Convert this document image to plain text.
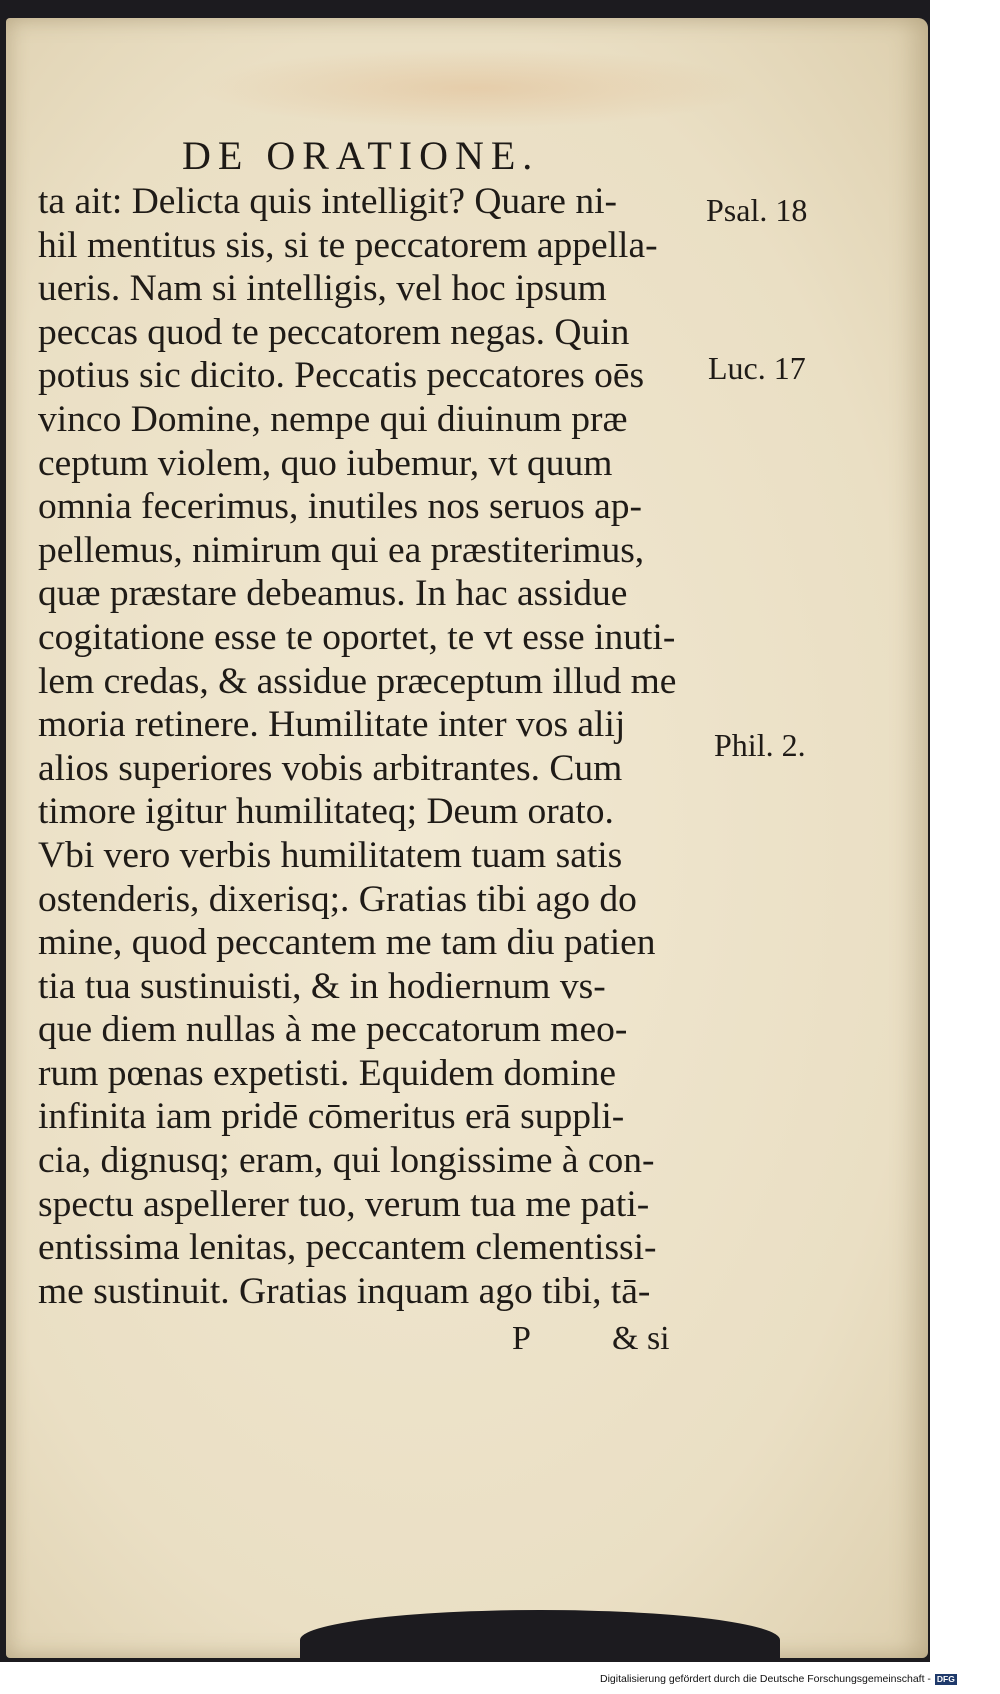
DE ORATIONE.
ta ait: Delicta quis intelligit? Quare ni-
hil mentitus sis, si te peccatorem appella-
ueris. Nam si intelligis, vel hoc ipsum
peccas quod te peccatorem negas. Quin
potius sic dicito. Peccatis peccatores oēs
vinco Domine, nempe qui diuinum præ
ceptum violem, quo iubemur, vt quum
omnia fecerimus, inutiles nos seruos ap-
pellemus, nimirum qui ea præstiterimus,
quæ præstare debeamus. In hac assidue
cogitatione esse te oportet, te vt esse inuti-
lem credas, & assidue præceptum illud me
moria retinere. Humilitate inter vos alij
alios superiores vobis arbitrantes. Cum
timore igitur humilitateq; Deum orato.
Vbi vero verbis humilitatem tuam satis
ostenderis, dixerisq;. Gratias tibi ago do
mine, quod peccantem me tam diu patien
tia tua sustinuisti, & in hodiernum vs-
que diem nullas à me peccatorum meo-
rum pœnas expetisti. Equidem domine
infinita iam pridē cōmeritus erā suppli-
cia, dignusq; eram, qui longissime à con-
spectu aspellerer tuo, verum tua me pati-
entissima lenitas, peccantem clementissi-
me sustinuit. Gratias inquam ago tibi, tā-

Psal. 18

Luc. 17

Phil. 2.

P & si

Digitalisierung gefördert durch die Deutsche Forschungsgemeinschaft - DFG
